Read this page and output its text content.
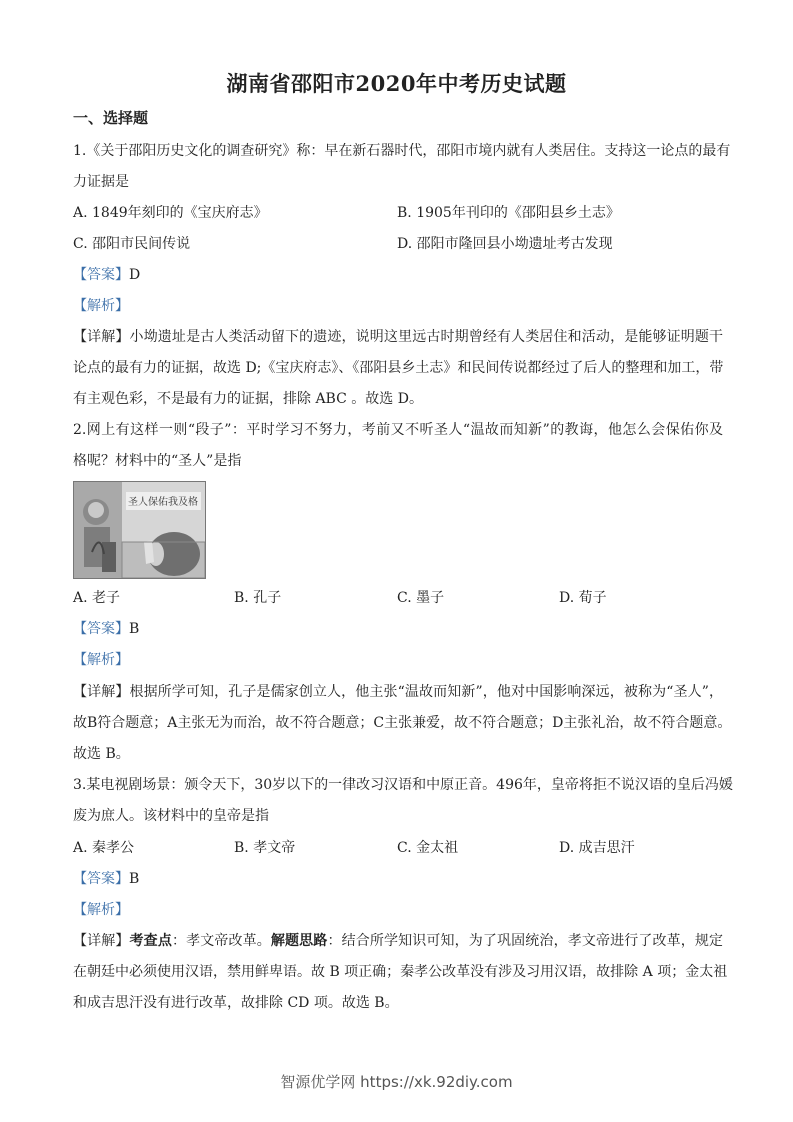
湖南省邵阳市2020年中考历史试题
一、选择题
1.《关于邵阳历史文化的调查研究》称：早在新石器时代，邵阳市境内就有人类居住。支持这一论点的最有
力证据是
A. 1849年刻印的《宝庆府志》	B. 1905年刊印的《邵阳县乡土志》
C. 邵阳市民间传说	D. 邵阳市隆回县小坳遗址考古发现
【答案】D
【解析】
【详解】小坳遗址是古人类活动留下的遗迹，说明这里远古时期曾经有人类居住和活动，是能够证明题干
论点的最有力的证据，故选 D;《宝庆府志》、《邵阳县乡土志》和民间传说都经过了后人的整理和加工，带
有主观色彩，不是最有力的证据，排除 ABC 。故选 D。
2.网上有这样一则“段子”：平时学习不努力，考前又不听圣人“温故而知新”的教诲，他怎么会保佑你及
格呢？材料中的“圣人”是指
圣人保佑我及格
A. 老子	B. 孔子	C. 墨子	D. 荀子
【答案】B
【解析】
【详解】根据所学可知，孔子是儒家创立人，他主张“温故而知新”，他对中国影响深远，被称为“圣人”，
故B符合题意；A主张无为而治，故不符合题意；C主张兼爱，故不符合题意；D主张礼治，故不符合题意。
故选 B。
3.某电视剧场景：颁令天下，30岁以下的一律改习汉语和中原正音。496年，皇帝将拒不说汉语的皇后冯媛
废为庶人。该材料中的皇帝是指
A. 秦孝公	B. 孝文帝	C. 金太祖	D. 成吉思汗
【答案】B
【解析】
【详解】考查点：孝文帝改革。解题思路：结合所学知识可知，为了巩固统治，孝文帝进行了改革，规定
在朝廷中必须使用汉语，禁用鲜卑语。故 B 项正确；秦孝公改革没有涉及习用汉语，故排除 A 项；金太祖
和成吉思汗没有进行改革，故排除 CD 项。故选 B。
智源优学网 https://xk.92diy.com
